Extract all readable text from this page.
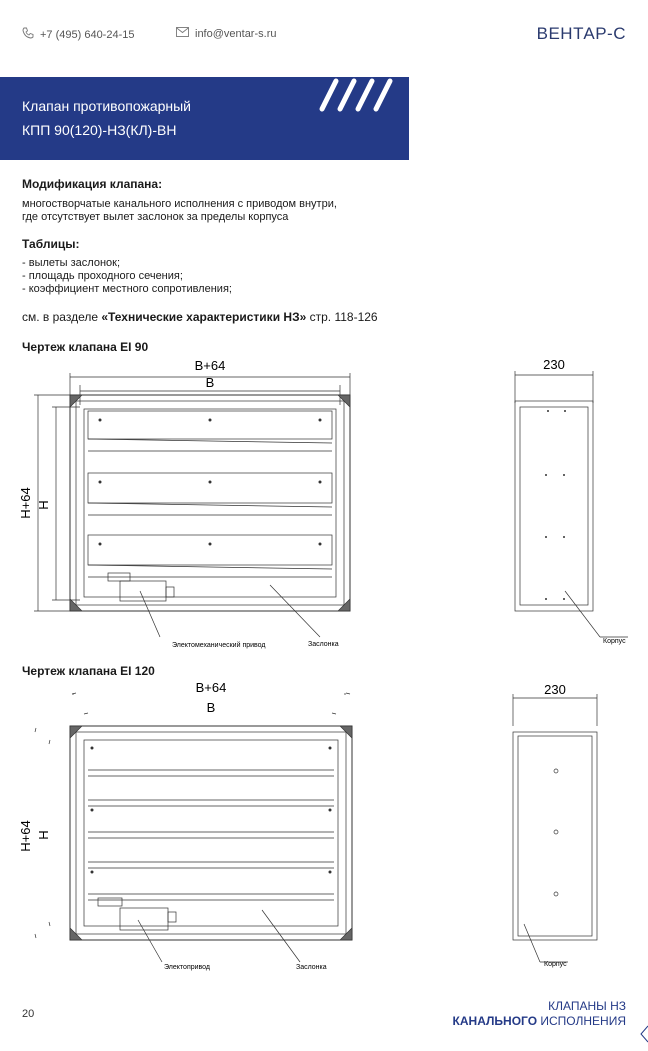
+7 (495) 640-24-15	info@ventar-s.ru	ВЕНТАР-С
Клапан противопожарный
КПП 90(120)-НЗ(КЛ)-ВН
Модификация клапана:
многостворчатые канального исполнения с приводом внутри,
где отсутствует вылет заслонок за пределы корпуса
Таблицы:
- вылеты заслонок;
- площадь проходного сечения;
- коэффициент местного сопротивления;
см. в разделе «Технические характеристики НЗ» стр. 118-126
Чертеж клапана EI 90
Чертеж клапана EI 120
B+64
B
H+64 H
230
Электомеханический привод	Заслонка	Корпус
B+64
B
H+64 H
230
Электопривод	Заслонка	Корпус
20
КЛАПАНЫ НЗ
КАНАЛЬНОГО ИСПОЛНЕНИЯ
